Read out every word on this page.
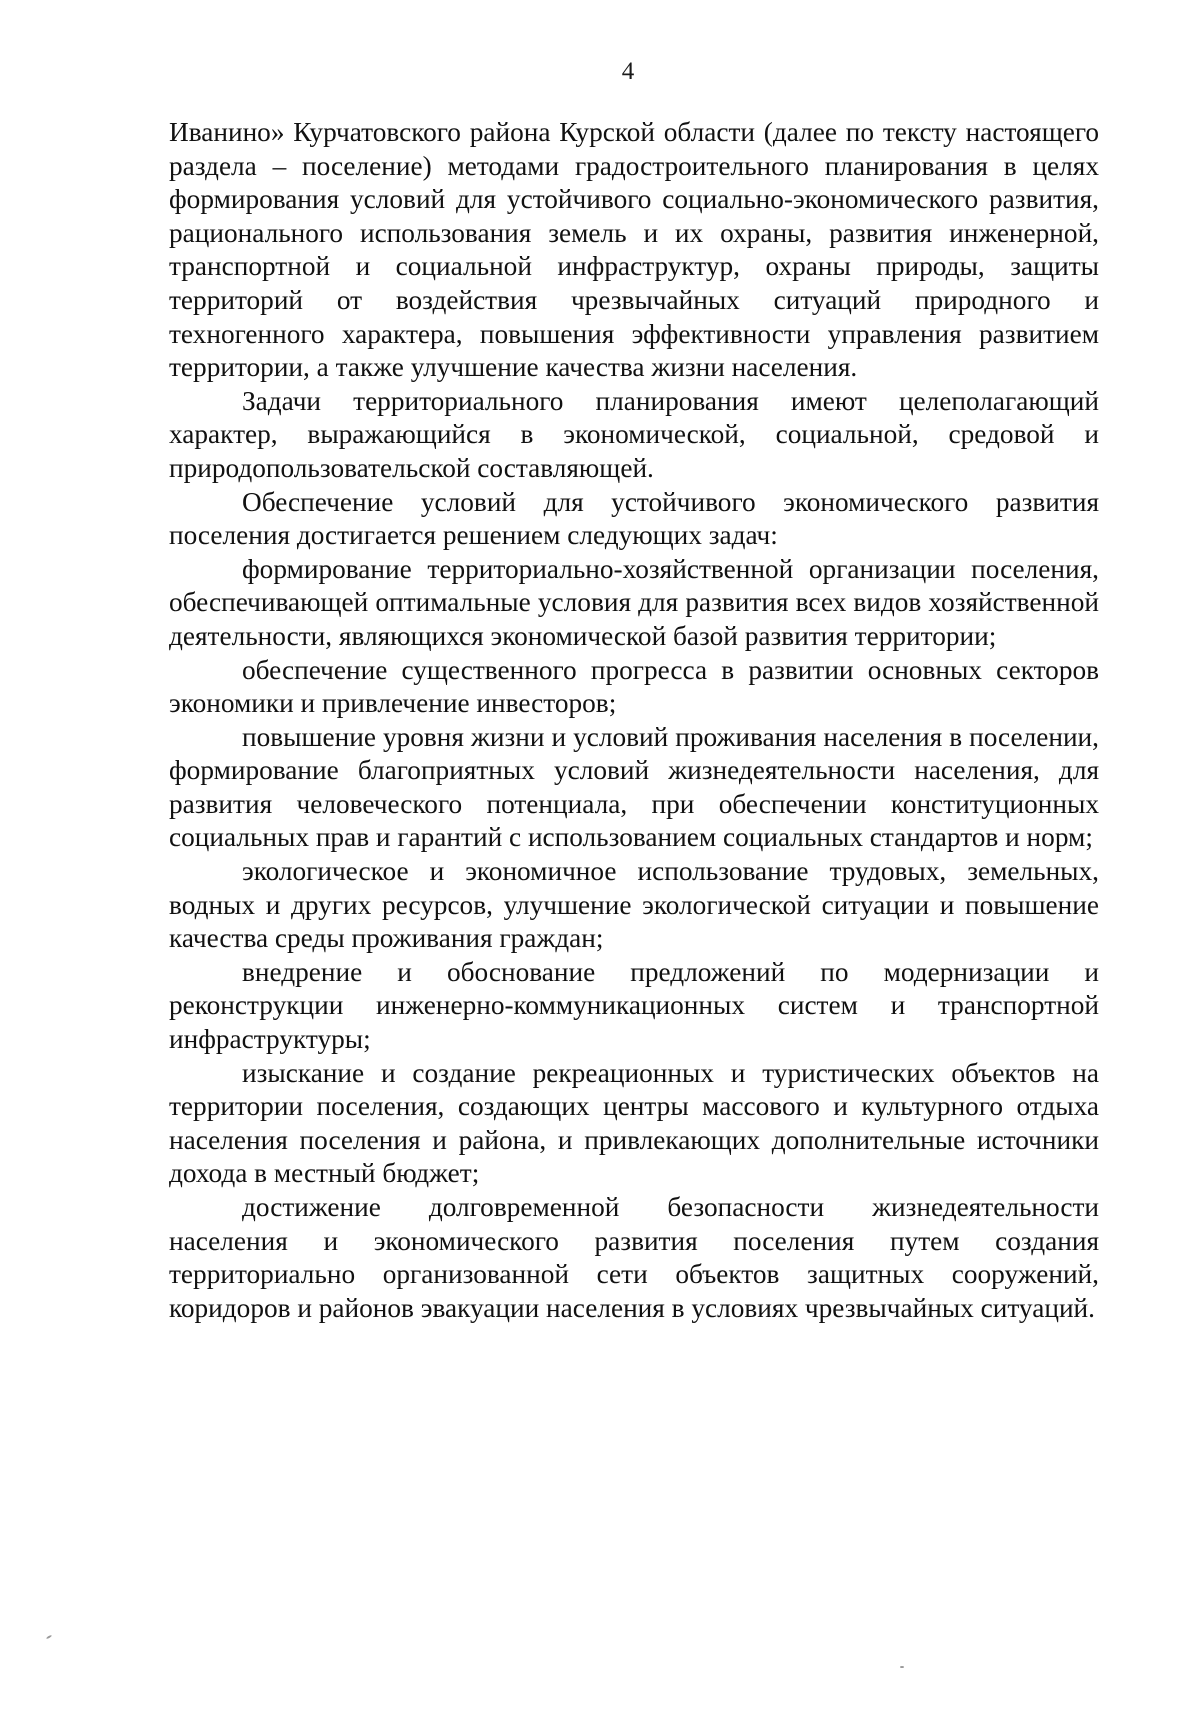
4

Иванино» Курчатовского района Курской области (далее по тексту настоящего раздела – поселение) методами градостроительного планирования в целях формирования условий для устойчивого социально-экономического развития, рационального использования земель и их охраны, развития инженерной, транспортной и социальной инфраструктур, охраны природы, защиты территорий от воздействия чрезвычайных ситуаций природного и техногенного характера, повышения эффективности управления развитием территории, а также улучшение качества жизни населения.

Задачи территориального планирования имеют целеполагающий характер, выражающийся в экономической, социальной, средовой и природопользовательской составляющей.

Обеспечение условий для устойчивого экономического развития поселения достигается решением следующих задач:

формирование территориально-хозяйственной организации поселения, обеспечивающей оптимальные условия для развития всех видов хозяйственной деятельности, являющихся экономической базой развития территории;

обеспечение существенного прогресса в развитии основных секторов экономики и привлечение инвесторов;

повышение уровня жизни и условий проживания населения в поселении, формирование благоприятных условий жизнедеятельности населения, для развития человеческого потенциала, при обеспечении конституционных социальных прав и гарантий с использованием социальных стандартов и норм;

экологическое и экономичное использование трудовых, земельных, водных и других ресурсов, улучшение экологической ситуации и повышение качества среды проживания граждан;

внедрение и обоснование предложений по модернизации и реконструкции инженерно-коммуникационных систем и транспортной инфраструктуры;

изыскание и создание рекреационных и туристических объектов на территории поселения, создающих центры массового и культурного отдыха населения поселения и района, и привлекающих дополнительные источники дохода в местный бюджет;

достижение долговременной безопасности жизнедеятельности населения и экономического развития поселения путем создания территориально организованной сети объектов защитных сооружений, коридоров и районов эвакуации населения в условиях чрезвычайных ситуаций.
